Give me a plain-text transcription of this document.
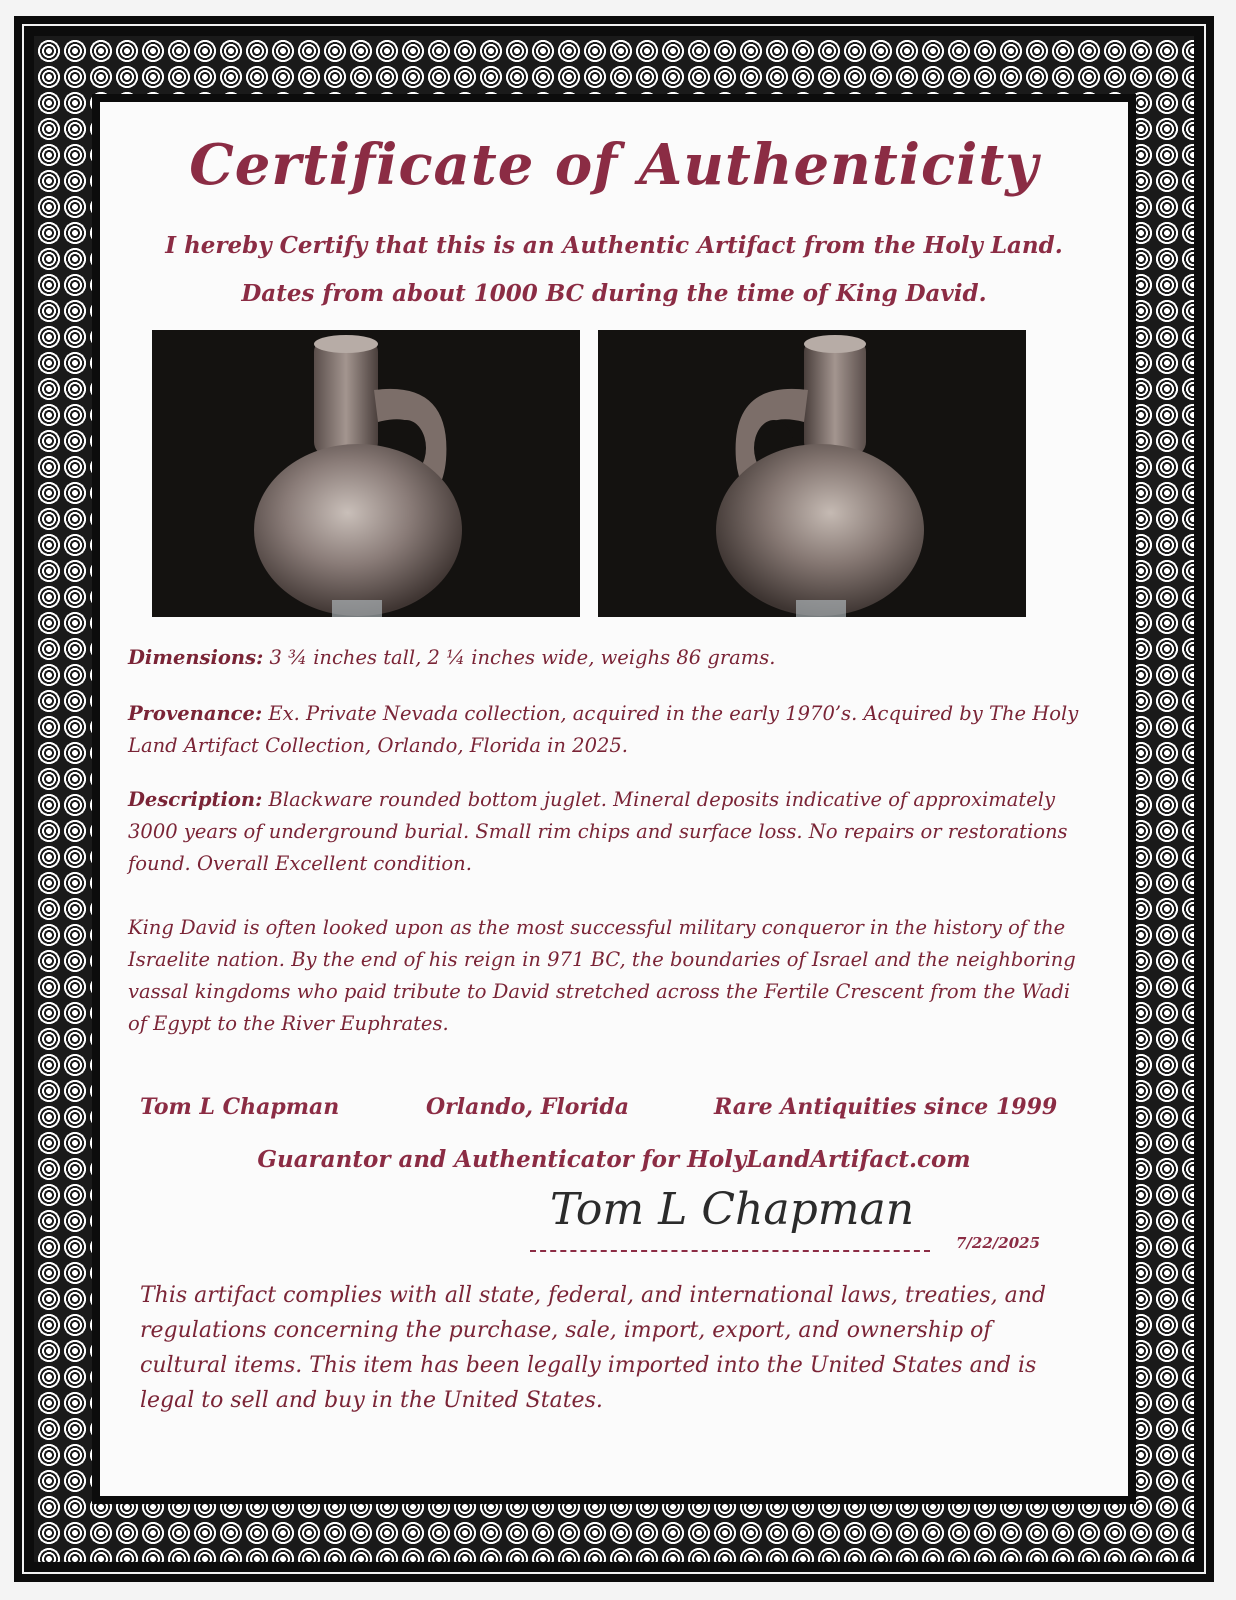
Certificate of Authenticity
I hereby Certify that this is an Authentic Artifact from the Holy Land.
Dates from about 1000 BC during the time of King David.

Dimensions: 3 ¾ inches tall, 2 ¼ inches wide, weighs 86 grams.

Provenance: Ex. Private Nevada collection, acquired in the early 1970’s. Acquired by The Holy Land Artifact Collection, Orlando, Florida in 2025.

Description: Blackware rounded bottom juglet. Mineral deposits indicative of approximately 3000 years of underground burial. Small rim chips and surface loss. No repairs or restorations found. Overall Excellent condition.

King David is often looked upon as the most successful military conqueror in the history of the Israelite nation. By the end of his reign in 971 BC, the boundaries of Israel and the neighboring vassal kingdoms who paid tribute to David stretched across the Fertile Crescent from the Wadi of Egypt to the River Euphrates.

Tom L Chapman	Orlando, Florida	Rare Antiquities since 1999
Guarantor and Authenticator for HolyLandArtifact.com
Tom L Chapman
7/22/2025

This artifact complies with all state, federal, and international laws, treaties, and regulations concerning the purchase, sale, import, export, and ownership of cultural items. This item has been legally imported into the United States and is legal to sell and buy in the United States.
